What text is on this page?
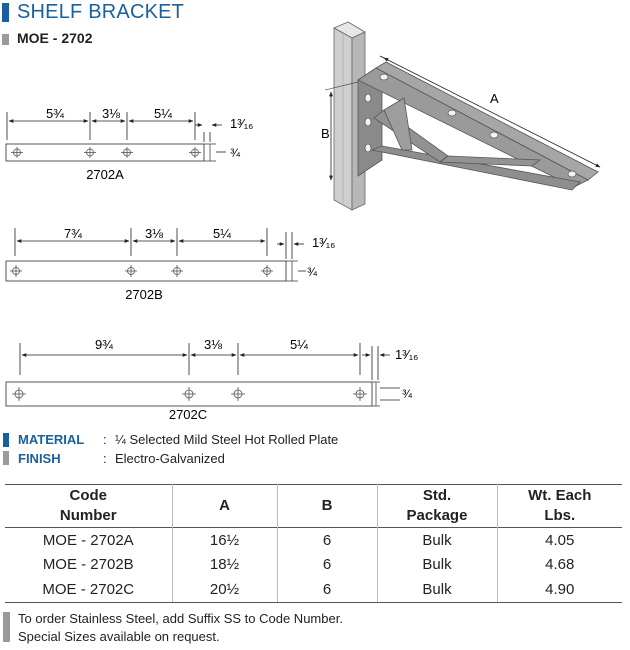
SHELF BRACKET
MOE - 2702
5¾	3⅛	5¼
1³⁄₁₆
¾
2702A
7¾	3⅛	5¼
1³⁄₁₆
¾
2702B
9¾	3⅛	5¼
1³⁄₁₆
¾
2702C
A
B
MATERIAL : ¼ Selected Mild Steel Hot Rolled Plate
FINISH	: Electro-Galvanized
Code Number	A	B	Std. Package	Wt. Each Lbs.
MOE - 2702A	16½	6	Bulk	4.05
MOE - 2702B	18½	6	Bulk	4.68
MOE - 2702C	20½	6	Bulk	4.90
To order Stainless Steel, add Suffix SS to Code Number.
Special Sizes available on request.
